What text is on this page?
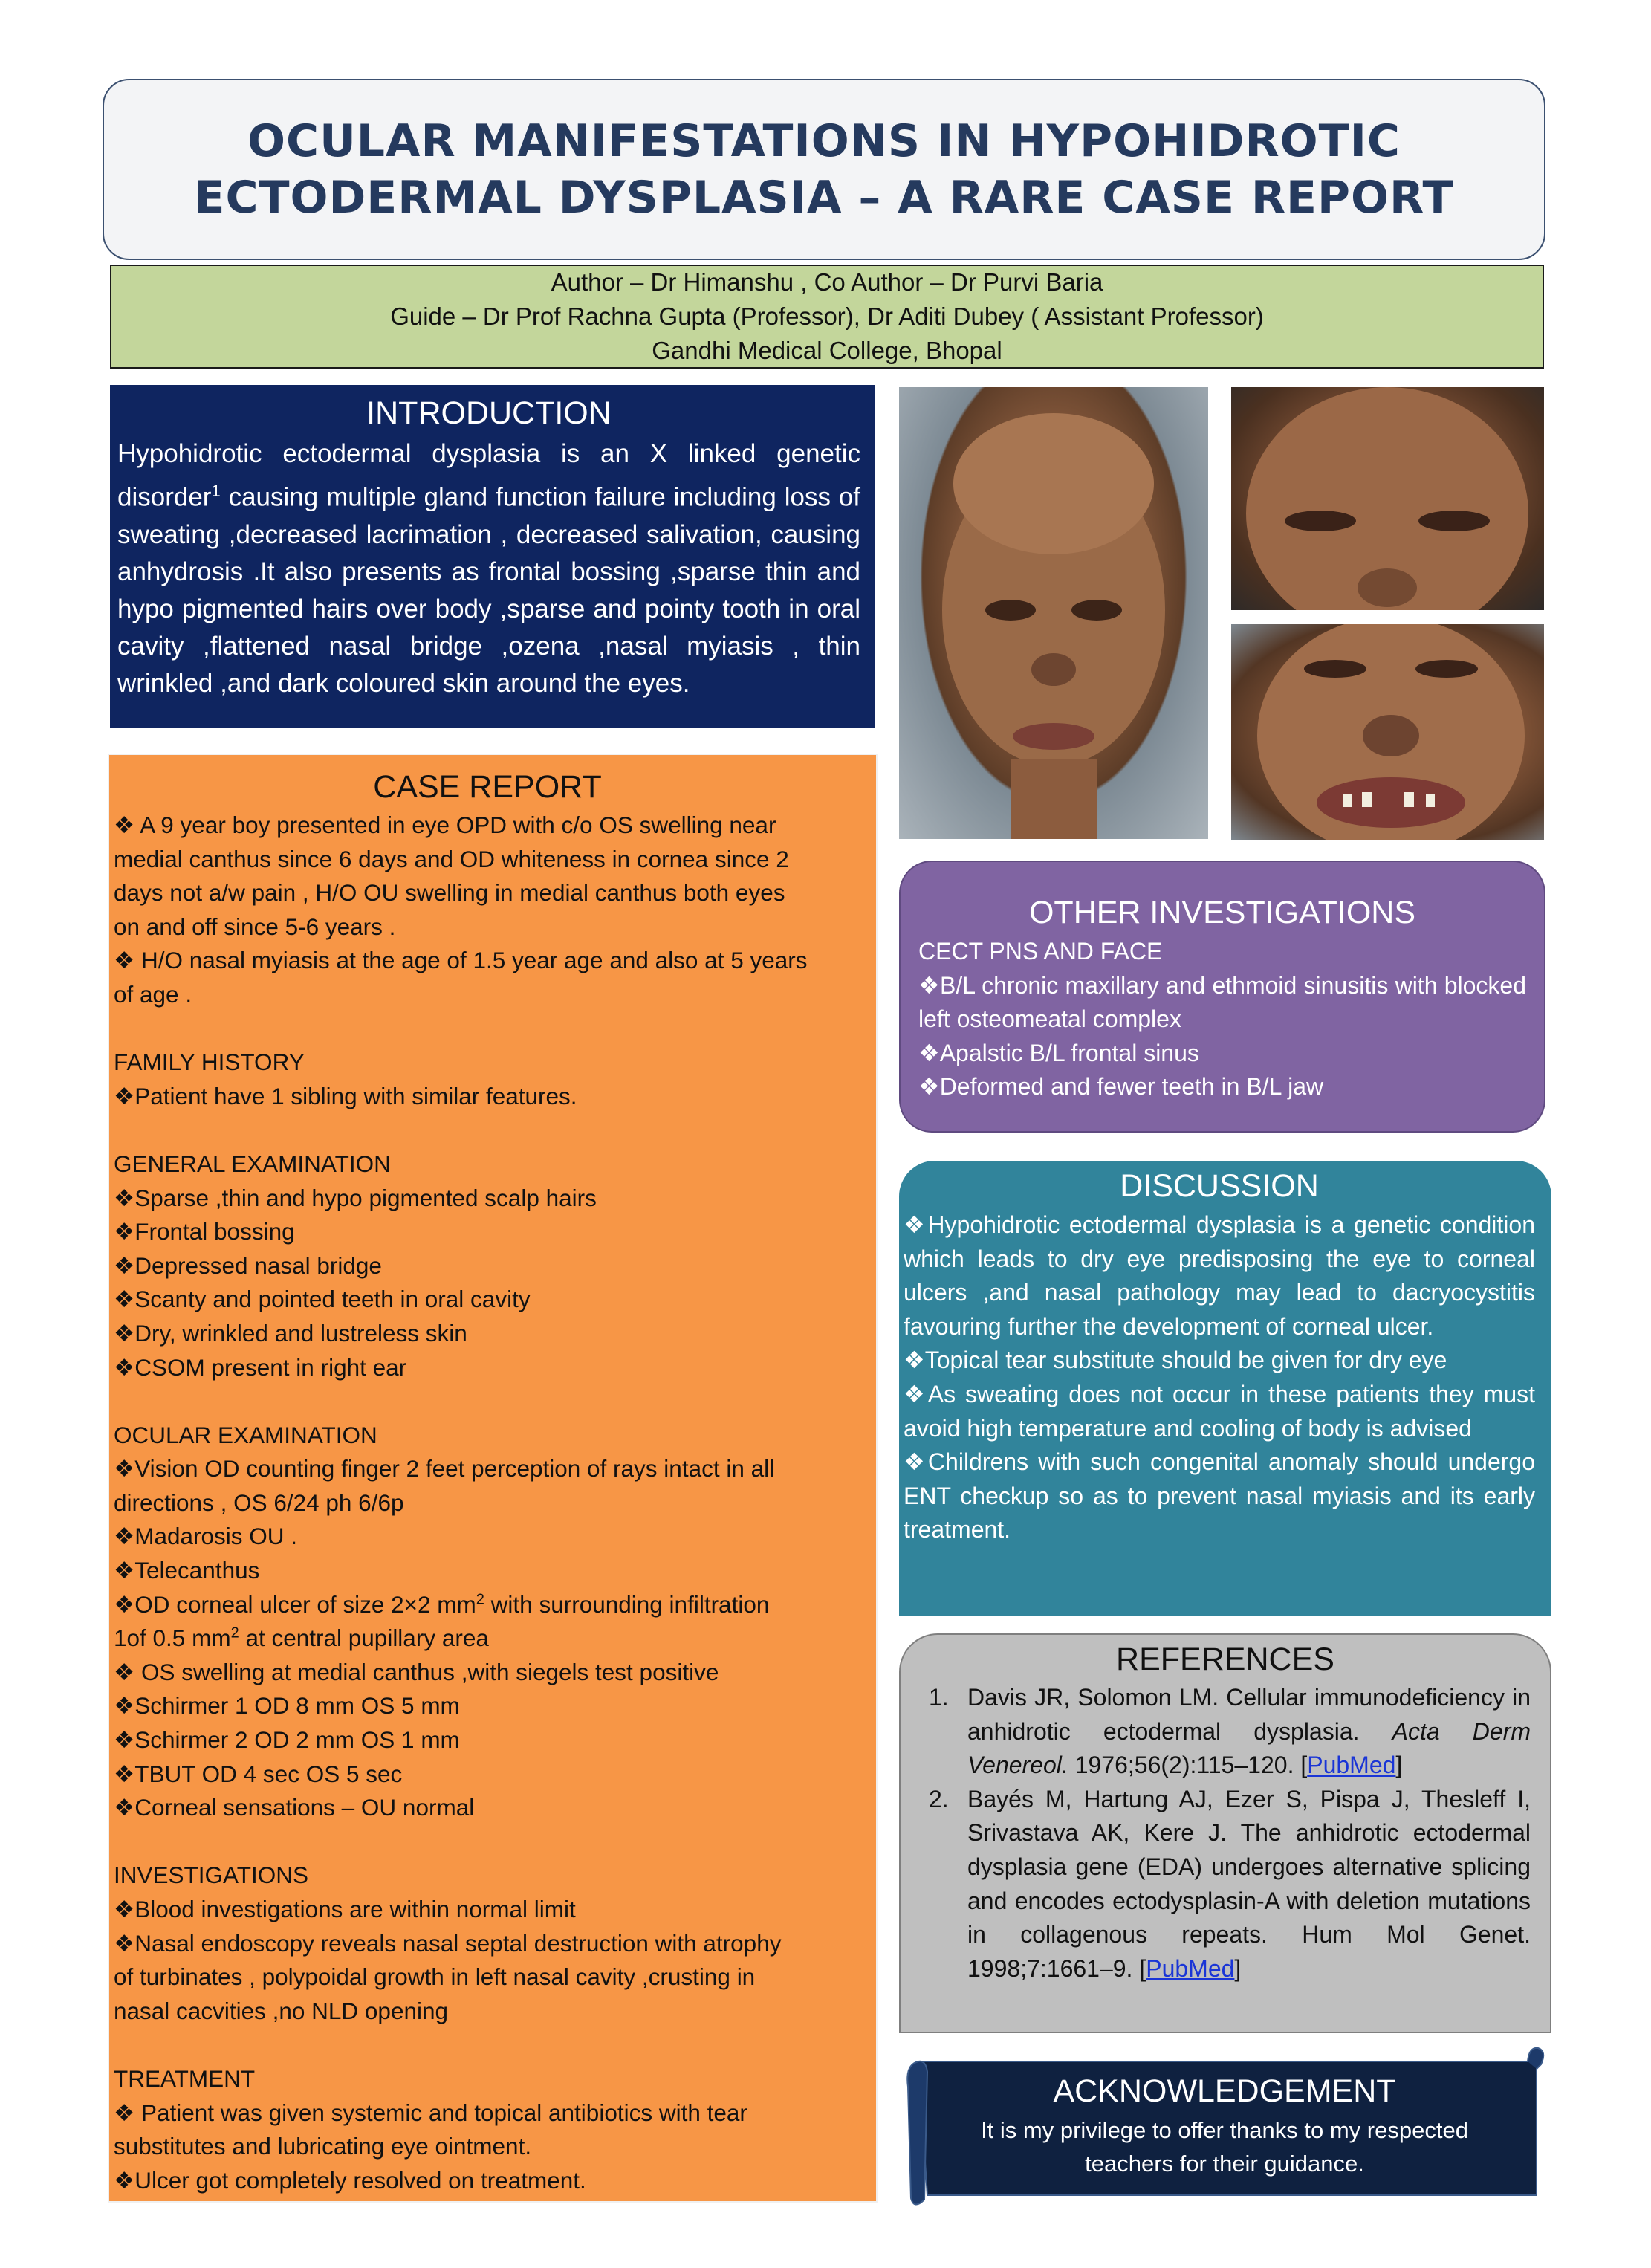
OCULAR MANIFESTATIONS IN HYPOHIDROTIC
ECTODERMAL DYSPLASIA – A RARE CASE REPORT
Author – Dr Himanshu , Co Author – Dr Purvi Baria
Guide – Dr Prof Rachna Gupta (Professor), Dr Aditi Dubey ( Assistant Professor)
Gandhi Medical College, Bhopal
INTRODUCTION
Hypohidrotic ectodermal dysplasia is an X linked genetic disorder$^1$ causing multiple gland function failure including loss of sweating ,decreased lacrimation , decreased salivation, causing anhydrosis .It also presents as frontal bossing ,sparse thin and hypo pigmented hairs over body ,sparse and pointy tooth in oral cavity ,flattened nasal bridge ,ozena ,nasal myiasis , thin wrinkled ,and dark coloured skin around the eyes.
CASE REPORT
❖ A 9 year boy presented in eye OPD with c/o OS swelling near
medial canthus since 6 days and OD whiteness in cornea since 2
days not a/w pain , H/O OU swelling in medial canthus both eyes
on and off since 5-6 years .
❖ H/O nasal myiasis at the age of 1.5 year age and also at 5 years
of age .
FAMILY HISTORY
❖Patient have 1 sibling with similar features.
GENERAL EXAMINATION
❖Sparse ,thin and hypo pigmented scalp hairs
❖Frontal bossing
❖Depressed nasal bridge
❖Scanty and pointed teeth in oral cavity
❖Dry, wrinkled and lustreless skin
❖CSOM present in right ear
OCULAR EXAMINATION
❖Vision OD counting finger 2 feet perception of rays intact in all
directions , OS 6/24 ph 6/6p
❖Madarosis OU .
❖Telecanthus
❖OD corneal ulcer of size 2×2 $mm^2$ with surrounding infiltration
1of 0.5 $mm^2$ at central pupillary area
❖ OS swelling at medial canthus ,with siegels test positive
❖Schirmer 1 OD 8 mm OS 5 mm
❖Schirmer 2 OD 2 mm OS 1 mm
❖TBUT OD 4 sec OS 5 sec
❖Corneal sensations – OU normal
INVESTIGATIONS
❖Blood investigations are within normal limit
❖Nasal endoscopy reveals nasal septal destruction with atrophy
of turbinates , polypoidal growth in left nasal cavity ,crusting in
nasal cacvities ,no NLD opening
TREATMENT
❖ Patient was given systemic and topical antibiotics with tear
substitutes and lubricating eye ointment.
❖Ulcer got completely resolved on treatment.
OTHER INVESTIGATIONS
CECT PNS AND FACE
❖B/L chronic maxillary and ethmoid sinusitis with blocked left osteomeatal complex
❖Apalstic B/L frontal sinus
❖Deformed and fewer teeth in B/L jaw
DISCUSSION
❖Hypohidrotic ectodermal dysplasia is a genetic condition which leads to dry eye predisposing the eye to corneal ulcers ,and nasal pathology may lead to dacryocystitis favouring further the development of corneal ulcer.
❖Topical tear substitute should be given for dry eye
❖As sweating does not occur in these patients they must avoid high temperature and cooling of body is advised
❖Childrens with such congenital anomaly should undergo ENT checkup so as to prevent nasal myiasis and its early treatment.
REFERENCES
1. Davis JR, Solomon LM. Cellular immunodeficiency in anhidrotic ectodermal dysplasia. Acta Derm Venereol. 1976;56(2):115–120. [PubMed]
2. Bayés M, Hartung AJ, Ezer S, Pispa J, Thesleff I, Srivastava AK, Kere J. The anhidrotic ectodermal dysplasia gene (EDA) undergoes alternative splicing and encodes ectodysplasin-A with deletion mutations in collagenous repeats. Hum Mol Genet. 1998;7:1661–9. [PubMed]
ACKNOWLEDGEMENT
It is my privilege to offer thanks to my respected
teachers for their guidance.
